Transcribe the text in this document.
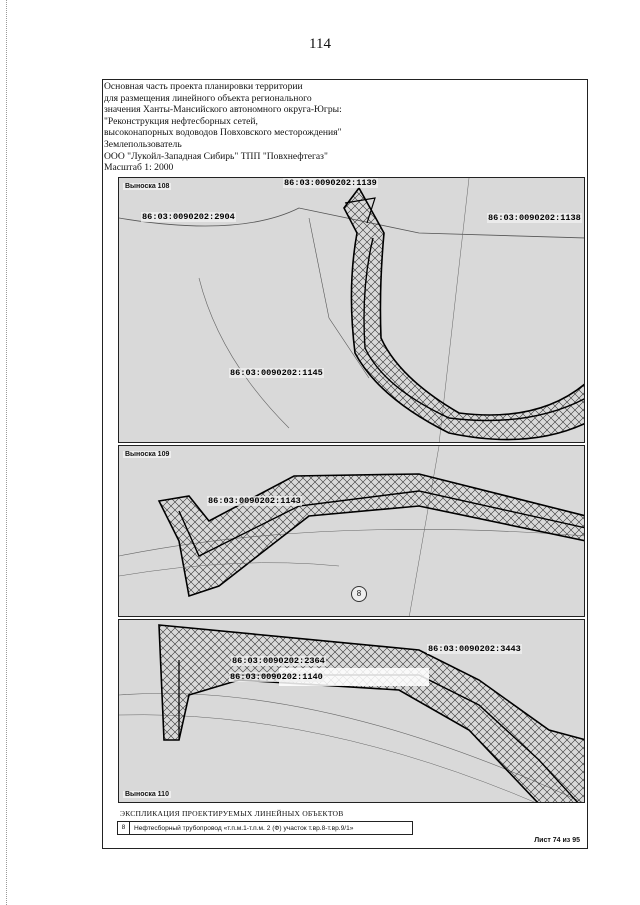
114
Основная часть проекта планировки территории
для размещения линейного объекта регионального
значения Ханты-Мансийского автономного округа-Югры:
"Реконструкция нефтесборных сетей,
высоконапорных водоводов Повховского месторождения"
Землепользователь
ООО "Лукойл-Западная Сибирь" ТПП "Повхнефтегаз"
Масштаб 1: 2000
Выноска 108	86:03:0090202:1139
86:03:0090202:2904	86:03:0090202:1138
86:03:0090202:1145
Выноска 109
86:03:0090202:1143
8
Выноска 110
86:03:0090202:3443
86:03:0090202:2364
86:03:0090202:1140
ЭКСПЛИКАЦИЯ ПРОЕКТИРУЕМЫХ ЛИНЕЙНЫХ ОБЪЕКТОВ
8	Нефтесборный трубопровод «т.п.м.1-т.п.м. 2 (Ф) участок т.вр.8-т.вр.9/1»
Лист 74 из 95
